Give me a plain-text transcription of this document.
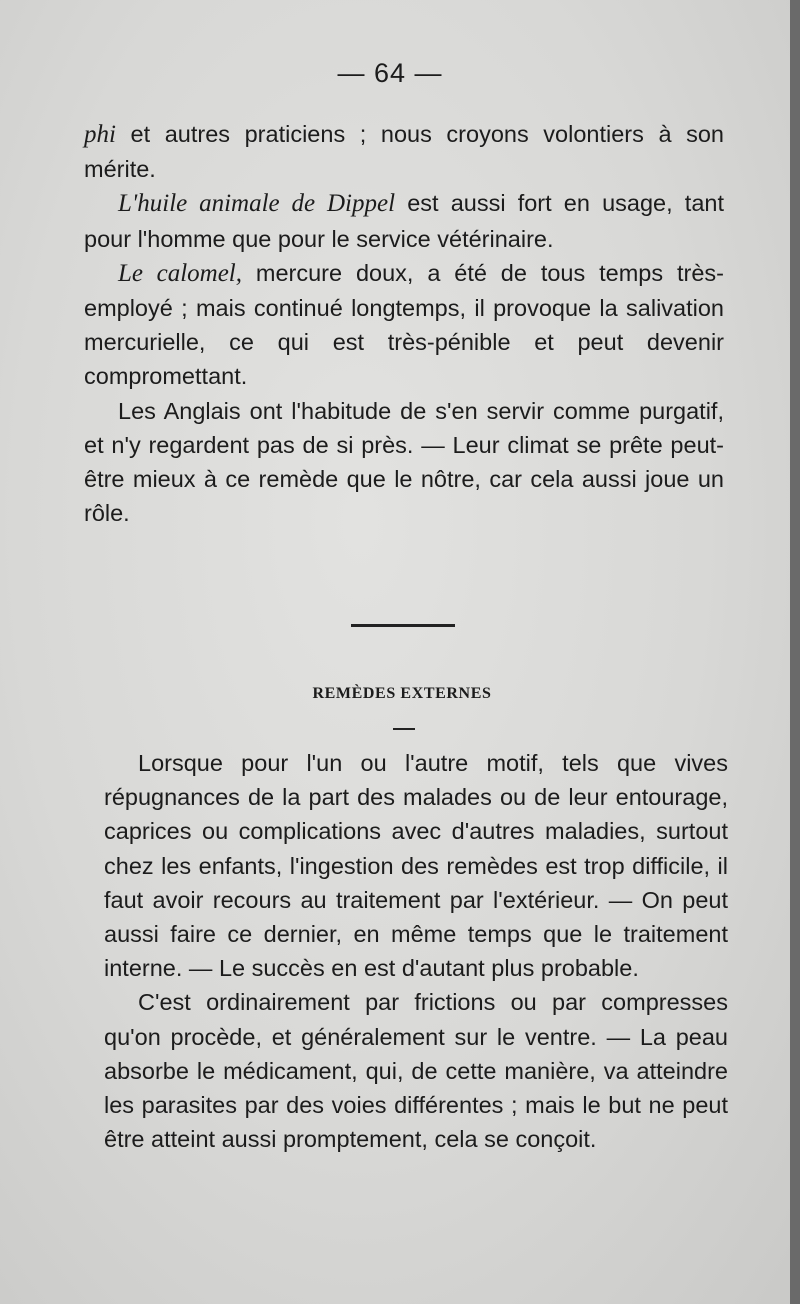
— 64 —

phi et autres praticiens ; nous croyons volontiers à son mérite.

L'huile animale de Dippel est aussi fort en usage, tant pour l'homme que pour le service vétérinaire.

Le calomel, mercure doux, a été de tous temps très-employé ; mais continué longtemps, il provoque la salivation mercurielle, ce qui est très-pénible et peut devenir compromettant.

Les Anglais ont l'habitude de s'en servir comme purgatif, et n'y regardent pas de si près. — Leur climat se prête peut-être mieux à ce remède que le nôtre, car cela aussi joue un rôle.

REMÈDES EXTERNES

Lorsque pour l'un ou l'autre motif, tels que vives répugnances de la part des malades ou de leur entourage, caprices ou complications avec d'autres maladies, surtout chez les enfants, l'ingestion des remèdes est trop difficile, il faut avoir recours au traitement par l'extérieur. — On peut aussi faire ce dernier, en même temps que le traitement interne. — Le succès en est d'autant plus probable.

C'est ordinairement par frictions ou par compresses qu'on procède, et généralement sur le ventre. — La peau absorbe le médicament, qui, de cette manière, va atteindre les parasites par des voies différentes ; mais le but ne peut être atteint aussi promptement, cela se conçoit.
